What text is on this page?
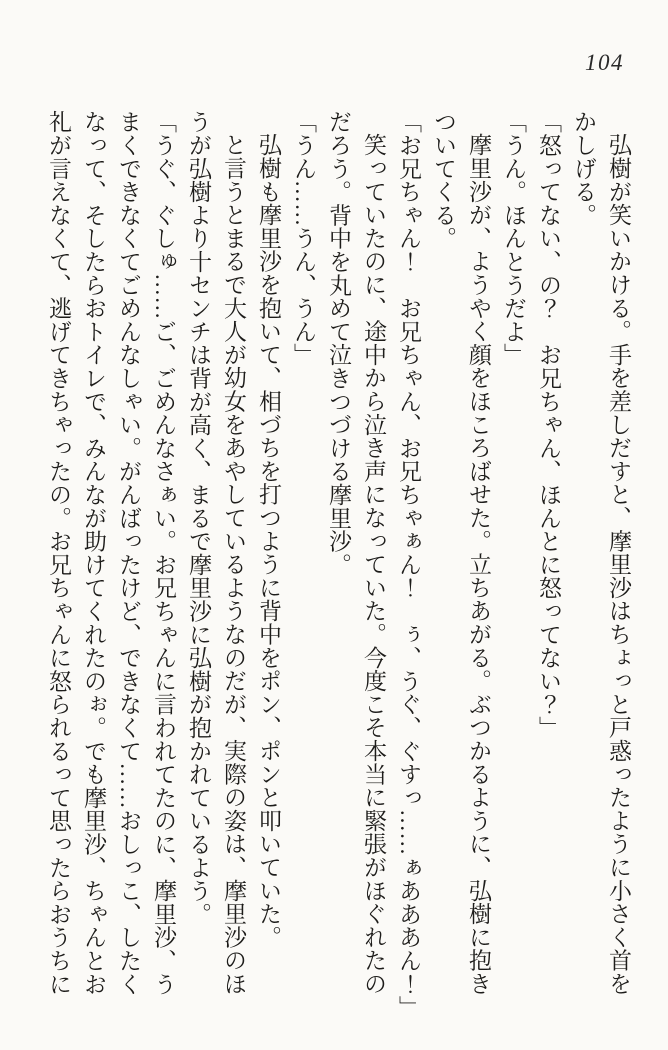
104

弘樹が笑いかける。手を差しだすと、摩里沙はちょっと戸惑ったように小さく首を

かしげる。

「怒ってない、の？　お兄ちゃん、ほんとに怒ってない？」

「うん。ほんとうだよ」

摩里沙が、ようやく顔をほころばせた。立ちあがる。ぶつかるように、弘樹に抱き

ついてくる。

「お兄ちゃん！　お兄ちゃん、お兄ちゃぁん！　ぅ、うぐ、ぐすっ……ぁあああん！」

笑っていたのに、途中から泣き声になっていた。今度こそ本当に緊張がほぐれたの

だろう。背中を丸めて泣きつづける摩里沙。

「うん……うん、うん」

弘樹も摩里沙を抱いて、相づちを打つように背中をポン、ポンと叩いていた。

と言うとまるで大人が幼女をあやしているようなのだが、実際の姿は、摩里沙のほ

うが弘樹より十センチは背が高く、まるで摩里沙に弘樹が抱かれているよう。

「うぐ、ぐしゅ……ご、ごめんなさぁい。お兄ちゃんに言われてたのに、摩里沙、う

まくできなくてごめんなしゃい。がんばったけど、できなくて……おしっこ、したく

なって、そしたらおトイレで、みんなが助けてくれたのぉ。でも摩里沙、ちゃんとお

礼が言えなくて、逃げてきちゃったの。お兄ちゃんに怒られるって思ったらおうちに
